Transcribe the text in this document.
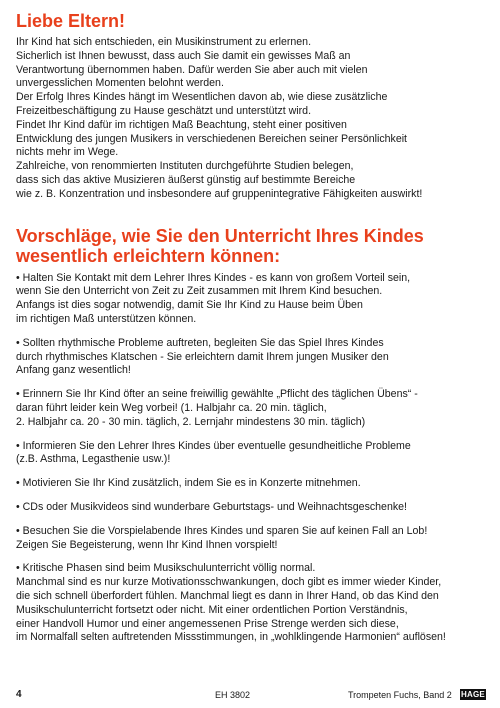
Liebe Eltern!

Ihr Kind hat sich entschieden, ein Musikinstrument zu erlernen.

Sicherlich ist Ihnen bewusst, dass auch Sie damit ein gewisses Maß an

Verantwortung übernommen haben. Dafür werden Sie aber auch mit vielen

unvergesslichen Momenten belohnt werden.

Der Erfolg Ihres Kindes hängt im Wesentlichen davon ab, wie diese zusätzliche

Freizeitbeschäftigung zu Hause geschätzt und unterstützt wird.

Findet Ihr Kind dafür im richtigen Maß Beachtung, steht einer positiven

Entwicklung des jungen Musikers in verschiedenen Bereichen seiner Persönlichkeit

nichts mehr im Wege.

Zahlreiche, von renommierten Instituten durchgeführte Studien belegen,

dass sich das aktive Musizieren äußerst günstig auf bestimmte Bereiche

wie z. B. Konzentration und insbesondere auf gruppenintegrative Fähigkeiten auswirkt!

Vorschläge, wie Sie den Unterricht Ihres Kindes
wesentlich erleichtern können:

• Halten Sie Kontakt mit dem Lehrer Ihres Kindes - es kann von großem Vorteil sein,

wenn Sie den Unterricht von Zeit zu Zeit zusammen mit Ihrem Kind besuchen.

Anfangs ist dies sogar notwendig, damit Sie Ihr Kind zu Hause beim Üben

im richtigen Maß unterstützen können.

• Sollten rhythmische Probleme auftreten, begleiten Sie das Spiel Ihres Kindes

durch rhythmisches Klatschen - Sie erleichtern damit Ihrem jungen Musiker den

Anfang ganz wesentlich!

• Erinnern Sie Ihr Kind öfter an seine freiwillig gewählte „Pflicht des täglichen Übens“ -

daran führt leider kein Weg vorbei! (1. Halbjahr ca. 20 min. täglich,

2. Halbjahr ca. 20 - 30 min. täglich, 2. Lernjahr mindestens 30 min. täglich)

• Informieren Sie den Lehrer Ihres Kindes über eventuelle gesundheitliche Probleme

(z.B. Asthma, Legasthenie usw.)!

• Motivieren Sie Ihr Kind zusätzlich, indem Sie es in Konzerte mitnehmen.

• CDs oder Musikvideos sind wunderbare Geburtstags- und Weihnachtsgeschenke!

• Besuchen Sie die Vorspielabende Ihres Kindes und sparen Sie auf keinen Fall an Lob!

Zeigen Sie Begeisterung, wenn Ihr Kind Ihnen vorspielt!

• Kritische Phasen sind beim Musikschulunterricht völlig normal.

Manchmal sind es nur kurze Motivationsschwankungen, doch gibt es immer wieder Kinder,

die sich schnell überfordert fühlen. Manchmal liegt es dann in Ihrer Hand, ob das Kind den

Musikschulunterricht fortsetzt oder nicht. Mit einer ordentlichen Portion Verständnis,

einer Handvoll Humor und einer angemessenen Prise Strenge werden sich diese,

im Normalfall selten auftretenden Missstimmungen, in „wohlklingende Harmonien“ auflösen!

4	EH 3802	Trompeten Fuchs, Band 2 HAGE
